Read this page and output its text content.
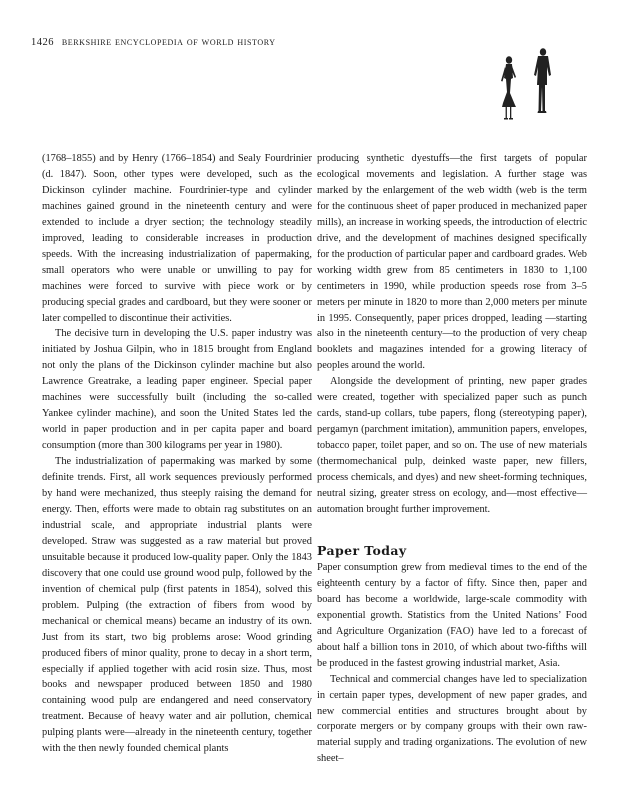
1426 berkshire encyclopedia of world history

(1768–1855) and by Henry (1766–1854) and Sealy Fourdrinier (d. 1847). Soon, other types were developed, such as the Dickinson cylinder machine. Fourdrinier-type and cylinder machines gained ground in the nineteenth century and were extended to include a dryer section; the technology steadily improved, leading to considerable increases in production speeds. With the increasing industrialization of papermaking, small operators who were unable or unwilling to pay for machines were forced to survive with piece work or by producing special grades and cardboard, but they were sooner or later compelled to discontinue their activities.

The decisive turn in developing the U.S. paper industry was initiated by Joshua Gilpin, who in 1815 brought from England not only the plans of the Dickinson cylinder machine but also Lawrence Greatrake, a leading paper engineer. Special paper machines were successfully built (including the so-called Yankee cylinder machine), and soon the United States led the world in paper production and in per capita paper and board consumption (more than 300 kilograms per year in 1980).

The industrialization of papermaking was marked by some definite trends. First, all work sequences previously performed by hand were mechanized, thus steeply raising the demand for energy. Then, efforts were made to obtain rag substitutes on an industrial scale, and appropriate industrial plants were developed. Straw was suggested as a raw material but proved unsuitable because it produced low-quality paper. Only the 1843 discovery that one could use ground wood pulp, followed by the invention of chemical pulp (first patents in 1854), solved this problem. Pulping (the extraction of fibers from wood by mechanical or chemical means) became an industry of its own. Just from its start, two big problems arose: Wood grinding produced fibers of minor quality, prone to decay in a short term, especially if applied together with acid rosin size. Thus, most books and newspaper produced between 1850 and 1980 containing wood pulp are endangered and need conservatory treatment. Because of heavy water and air pollution, chemical pulping plants were—already in the nineteenth century, together with the then newly founded chemical plants

producing synthetic dyestuffs—the first targets of popular ecological movements and legislation. A further stage was marked by the enlargement of the web width (web is the term for the continuous sheet of paper produced in mechanized paper mills), an increase in working speeds, the introduction of electric drive, and the development of machines designed specifically for the production of particular paper and cardboard grades. Web working width grew from 85 centimeters in 1830 to 1,100 centimeters in 1990, while production speeds rose from 3–5 meters per minute in 1820 to more than 2,000 meters per minute in 1995. Consequently, paper prices dropped, leading —starting also in the nineteenth century—to the production of very cheap booklets and magazines intended for a growing literacy of peoples around the world.

Alongside the development of printing, new paper grades were created, together with specialized paper such as punch cards, stand-up collars, tube papers, flong (stereotyping paper), pergamyn (parchment imitation), ammunition papers, envelopes, tobacco paper, toilet paper, and so on. The use of new materials (thermomechanical pulp, deinked waste paper, new fillers, process chemicals, and dyes) and new sheet-forming techniques, neutral sizing, greater stress on ecology, and—most effective—automation brought further improvement.

Paper Today

Paper consumption grew from medieval times to the end of the eighteenth century by a factor of fifty. Since then, paper and board has become a worldwide, large-scale commodity with exponential growth. Statistics from the United Nations’ Food and Agriculture Organization (FAO) have led to a forecast of about half a billion tons in 2010, of which about two-fifths will be produced in the fastest growing industrial market, Asia.

Technical and commercial changes have led to specialization in certain paper types, development of new paper grades, and new commercial entities and structures brought about by corporate mergers or by company groups with their own raw-material supply and trading organizations. The evolution of new sheet–
